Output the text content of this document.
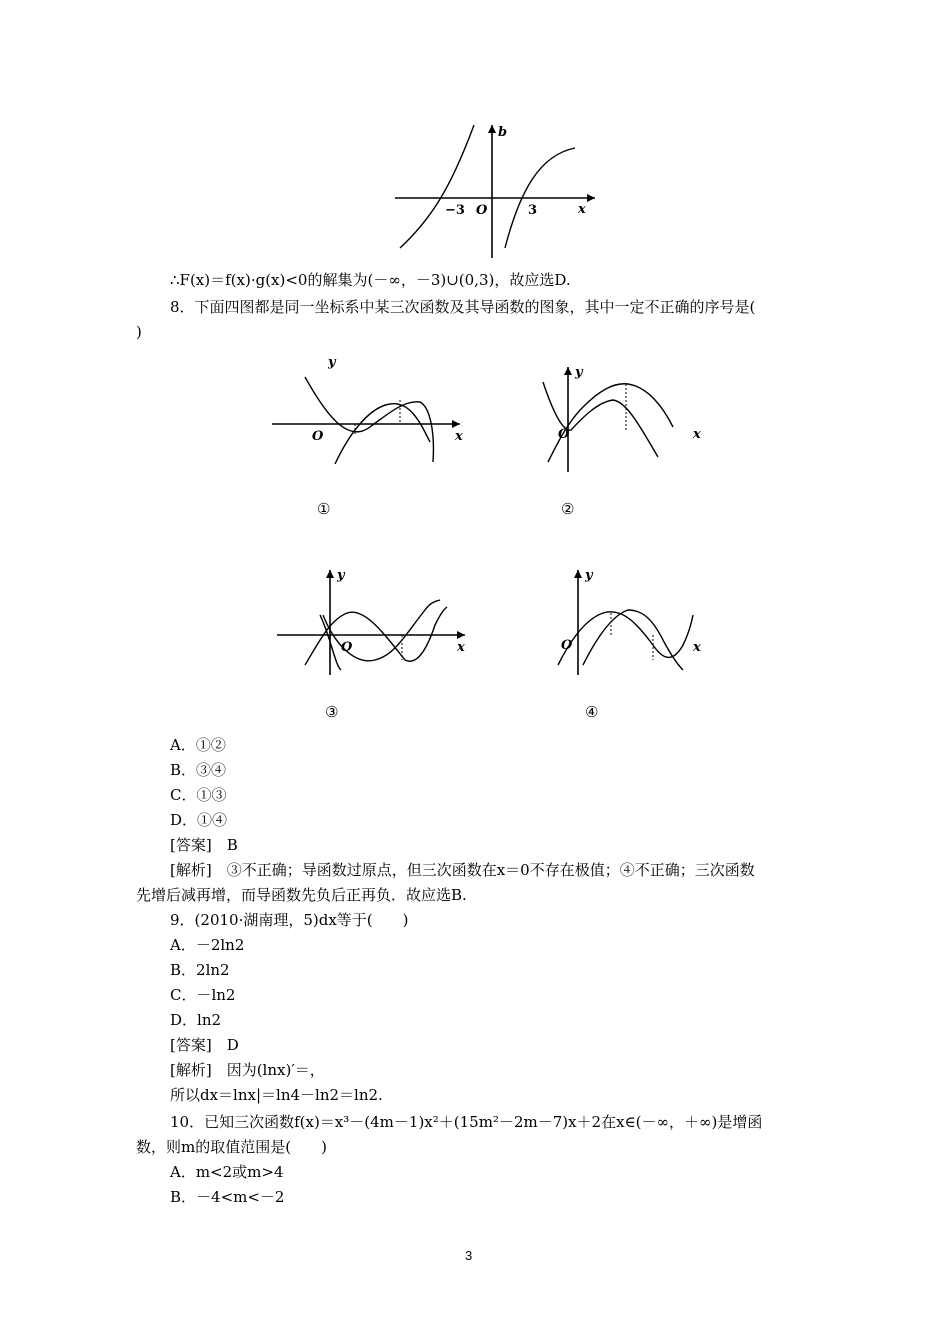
b
x
O
−3	3
∴F(x)＝f(x)·g(x)<0的解集为(－∞，－3)∪(0,3)，故应选D.
8．下面四图都是同一坐标系中某三次函数及其导函数的图象，其中一定不正确的序号是(
)
y
x
O
①
y
x
O
②
y
x
O
③
y
x
O
④
A．①②
B．③④
C．①③
D．①④
[答案]　B
[解析]　③不正确；导函数过原点，但三次函数在x＝0不存在极值；④不正确；三次函数
先增后减再增，而导函数先负后正再负．故应选B.
9．(2010·湖南理，5)dx等于(　　)
A．－2ln2
B．2ln2
C．－ln2
D．ln2
[答案]　D
[解析]　因为(lnx)′＝，
所以dx＝lnx|＝ln4－ln2＝ln2.
10．已知三次函数f(x)＝x³－(4m－1)x²＋(15m²－2m－7)x＋2在x∈(－∞，＋∞)是增函
数，则m的取值范围是(　　)
A．m<2或m>4
B．－4<m<－2
3
